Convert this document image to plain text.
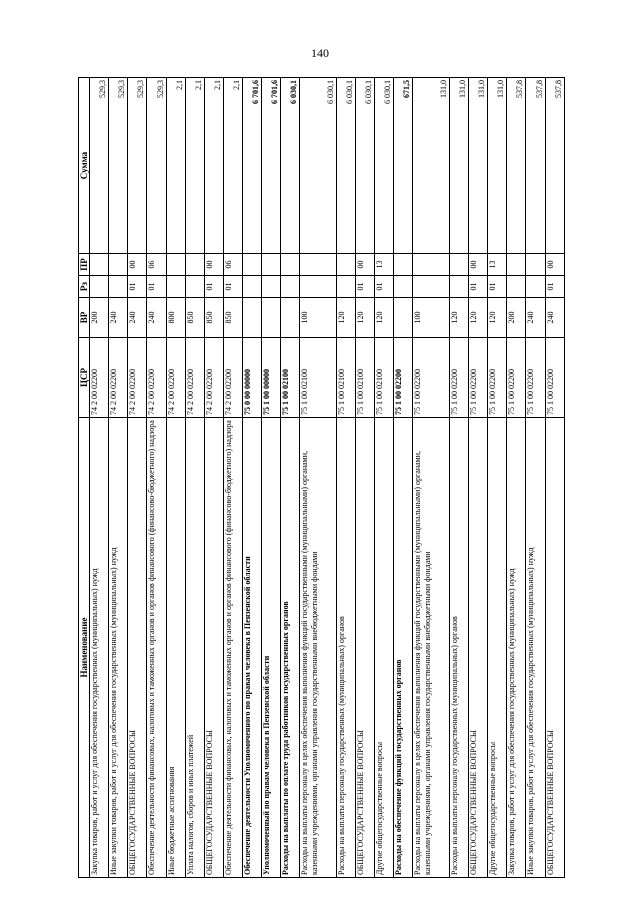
140
Наименование	ЦСР	ВР	Рз	ПР	Сумма
Закупка товаров, работ и услуг для обеспечения государственных (муниципальных) нужд	74 2 00 02200	200			529,3
Иные закупки товаров, работ и услуг для обеспечения государственных (муниципальных) нужд	74 2 00 02200	240			529,3
ОБЩЕГОСУДАРСТВЕННЫЕ ВОПРОСЫ	74 2 00 02200	240	01	00	529,3
Обеспечение деятельности финансовых, налоговых и таможенных органов и органов финансового (финансово-бюджетного) надзора	74 2 00 02200	240	01	06	529,3
Иные бюджетные ассигнования	74 2 00 02200	800			2,1
Уплата налогов, сборов и иных платежей	74 2 00 02200	850			2,1
ОБЩЕГОСУДАРСТВЕННЫЕ ВОПРОСЫ	74 2 00 02200	850	01	00	2,1
Обеспечение деятельности финансовых, налоговых и таможенных органов и органов финансового (финансово-бюджетного) надзора	74 2 00 02200	850	01	06	2,1
Обеспечение деятельности Уполномоченного по правам человека в Пензенской области	75 0 00 00000				6 701,6
Уполномоченный по правам человека в Пензенской области	75 1 00 00000				6 701,6
Расходы на выплаты по оплате труда работников государственных органов	75 1 00 02100				6 030,1
Расходы на выплаты персоналу в целях обеспечения выполнения функций государственными (муниципальными) органами, казенными учреждениями, органами управления государственными внебюджетными фондами	75 1 00 02100	100			6 030,1
Расходы на выплаты персоналу государственных (муниципальных) органов	75 1 00 02100	120			6 030,1
ОБЩЕГОСУДАРСТВЕННЫЕ ВОПРОСЫ	75 1 00 02100	120	01	00	6 030,1
Другие общегосударственные вопросы	75 1 00 02100	120	01	13	6 030,1
Расходы на обеспечение функций государственных органов	75 1 00 02200				671,5
Расходы на выплаты персоналу в целях обеспечения выполнения функций государственными (муниципальными) органами, казенными учреждениями, органами управления государственными внебюджетными фондами	75 1 00 02200	100			131,0
Расходы на выплаты персоналу государственных (муниципальных) органов	75 1 00 02200	120			131,0
ОБЩЕГОСУДАРСТВЕННЫЕ ВОПРОСЫ	75 1 00 02200	120	01	00	131,0
Другие общегосударственные вопросы	75 1 00 02200	120	01	13	131,0
Закупка товаров, работ и услуг для обеспечения государственных (муниципальных) нужд	75 1 00 02200	200			537,8
Иные закупки товаров, работ и услуг для обеспечения государственных (муниципальных) нужд	75 1 00 02200	240			537,8
ОБЩЕГОСУДАРСТВЕННЫЕ ВОПРОСЫ	75 1 00 02200	240	01	00	537,8
